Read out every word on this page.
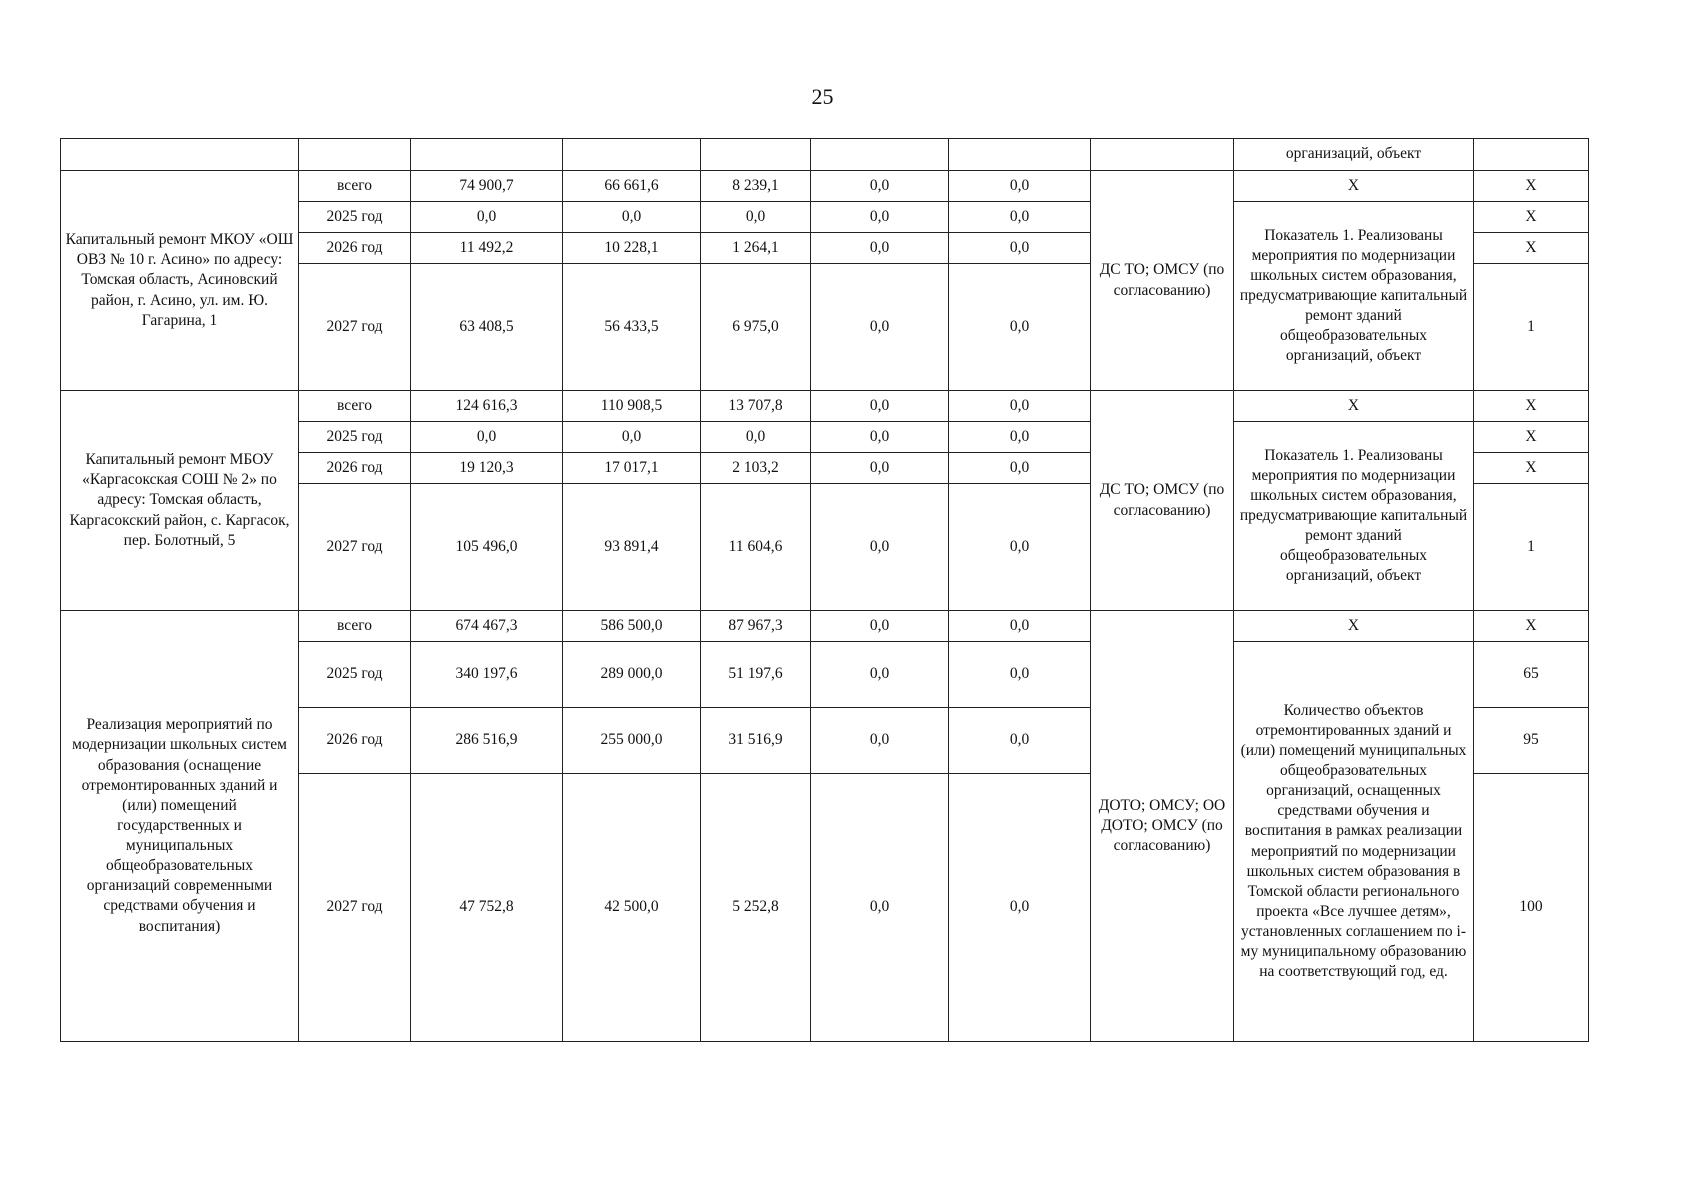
25
								организаций, объект	
Капитальный ремонт МКОУ «ОШ ОВЗ № 10 г. Асино» по адресу: Томская область, Асиновский район, г. Асино, ул. им. Ю. Гагарина, 1	всего	74 900,7	66 661,6	8 239,1	0,0	0,0	ДС ТО; ОМСУ (по согласованию)	Х	Х
	2025 год	0,0	0,0	0,0	0,0	0,0		Показатель 1. Реализованы мероприятия по модернизации школьных систем образования, предусматривающие капитальный ремонт зданий общеобразовательных организаций, объект	Х
	2026 год	11 492,2	10 228,1	1 264,1	0,0	0,0			Х
	2027 год	63 408,5	56 433,5	6 975,0	0,0	0,0			1
Капитальный ремонт МБОУ «Каргасокская СОШ № 2» по адресу: Томская область, Каргасокский район, с. Каргасок, пер. Болотный, 5	всего	124 616,3	110 908,5	13 707,8	0,0	0,0	ДС ТО; ОМСУ (по согласованию)	Х	Х
	2025 год	0,0	0,0	0,0	0,0	0,0		Показатель 1. Реализованы мероприятия по модернизации школьных систем образования, предусматривающие капитальный ремонт зданий общеобразовательных организаций, объект	Х
	2026 год	19 120,3	17 017,1	2 103,2	0,0	0,0			Х
	2027 год	105 496,0	93 891,4	11 604,6	0,0	0,0			1
Реализация мероприятий по модернизации школьных систем образования (оснащение отремонтированных зданий и (или) помещений государственных и муниципальных общеобразовательных организаций современными средствами обучения и воспитания)	всего	674 467,3	586 500,0	87 967,3	0,0	0,0	ДОТО; ОМСУ; ОО ДОТО; ОМСУ (по согласованию)	Х	Х
	2025 год	340 197,6	289 000,0	51 197,6	0,0	0,0		Количество объектов отремонтированных зданий и (или) помещений муниципальных общеобразовательных организаций, оснащенных средствами обучения и воспитания в рамках реализации мероприятий по модернизации школьных систем образования в Томской области регионального проекта «Все лучшее детям», установленных соглашением по i-му муниципальному образованию на соответствующий год, ед.	65
	2026 год	286 516,9	255 000,0	31 516,9	0,0	0,0			95
	2027 год	47 752,8	42 500,0	5 252,8	0,0	0,0			100
